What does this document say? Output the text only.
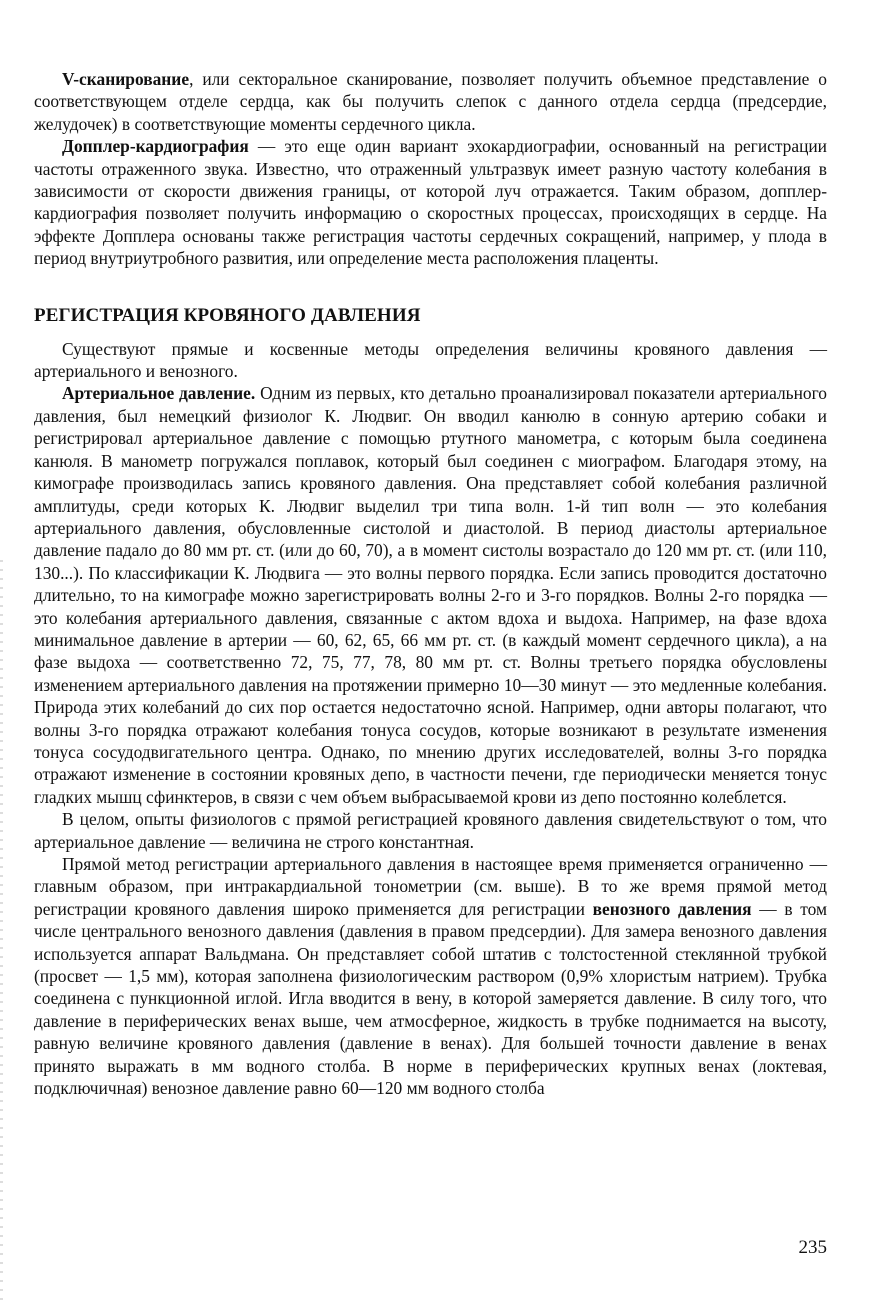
V-сканирование, или секторальное сканирование, позволяет получить объемное представление о соответствующем отделе сердца, как бы получить слепок с данного отдела сердца (предсердие, желудочек) в соответствующие моменты сердечного цикла.

Допплер-кардиография — это еще один вариант эхокардиографии, основанный на регистрации частоты отраженного звука. Известно, что отраженный ультразвук имеет разную частоту колебания в зависимости от скорости движения границы, от которой луч отражается. Таким образом, допплер-кардиография позволяет получить информацию о скоростных процессах, происходящих в сердце. На эффекте Допплера основаны также регистрация частоты сердечных сокращений, например, у плода в период внутриутробного развития, или определение места расположения плаценты.

РЕГИСТРАЦИЯ КРОВЯНОГО ДАВЛЕНИЯ

Существуют прямые и косвенные методы определения величины кровяного давления — артериального и венозного.

Артериальное давление. Одним из первых, кто детально проанализировал показатели артериального давления, был немецкий физиолог К. Людвиг. Он вводил канюлю в сонную артерию собаки и регистрировал артериальное давление с помощью ртутного манометра, с которым была соединена канюля. В манометр погружался поплавок, который был соединен с миографом. Благодаря этому, на кимографе производилась запись кровяного давления. Она представляет собой колебания различной амплитуды, среди которых К. Людвиг выделил три типа волн. 1-й тип волн — это колебания артериального давления, обусловленные систолой и диастолой. В период диастолы артериальное давление падало до 80 мм рт. ст. (или до 60, 70), а в момент систолы возрастало до 120 мм рт. ст. (или 110, 130...). По классификации К. Людвига — это волны первого порядка. Если запись проводится достаточно длительно, то на кимографе можно зарегистрировать волны 2-го и 3-го порядков. Волны 2-го порядка — это колебания артериального давления, связанные с актом вдоха и выдоха. Например, на фазе вдоха минимальное давление в артерии — 60, 62, 65, 66 мм рт. ст. (в каждый момент сердечного цикла), а на фазе выдоха — соответственно 72, 75, 77, 78, 80 мм рт. ст. Волны третьего порядка обусловлены изменением артериального давления на протяжении примерно 10—30 минут — это медленные колебания. Природа этих колебаний до сих пор остается недостаточно ясной. Например, одни авторы полагают, что волны 3-го порядка отражают колебания тонуса сосудов, которые возникают в результате изменения тонуса сосудодвигательного центра. Однако, по мнению других исследователей, волны 3-го порядка отражают изменение в состоянии кровяных депо, в частности печени, где периодически меняется тонус гладких мышц сфинктеров, в связи с чем объем выбрасываемой крови из депо постоянно колеблется.

В целом, опыты физиологов с прямой регистрацией кровяного давления свидетельствуют о том, что артериальное давление — величина не строго константная.

Прямой метод регистрации артериального давления в настоящее время применяется ограниченно — главным образом, при интракардиальной тонометрии (см. выше). В то же время прямой метод регистрации кровяного давления широко применяется для регистрации венозного давления — в том числе центрального венозного давления (давления в правом предсердии). Для замера венозного давления используется аппарат Вальдмана. Он представляет собой штатив с толстостенной стеклянной трубкой (просвет — 1,5 мм), которая заполнена физиологическим раствором (0,9% хлористым натрием). Трубка соединена с пункционной иглой. Игла вводится в вену, в которой замеряется давление. В силу того, что давление в периферических венах выше, чем атмосферное, жидкость в трубке поднимается на высоту, равную величине кровяного давления (давление в венах). Для большей точности давление в венах принято выражать в мм водного столба. В норме в периферических крупных венах (локтевая, подключичная) венозное давление равно 60—120 мм водного столба

235
